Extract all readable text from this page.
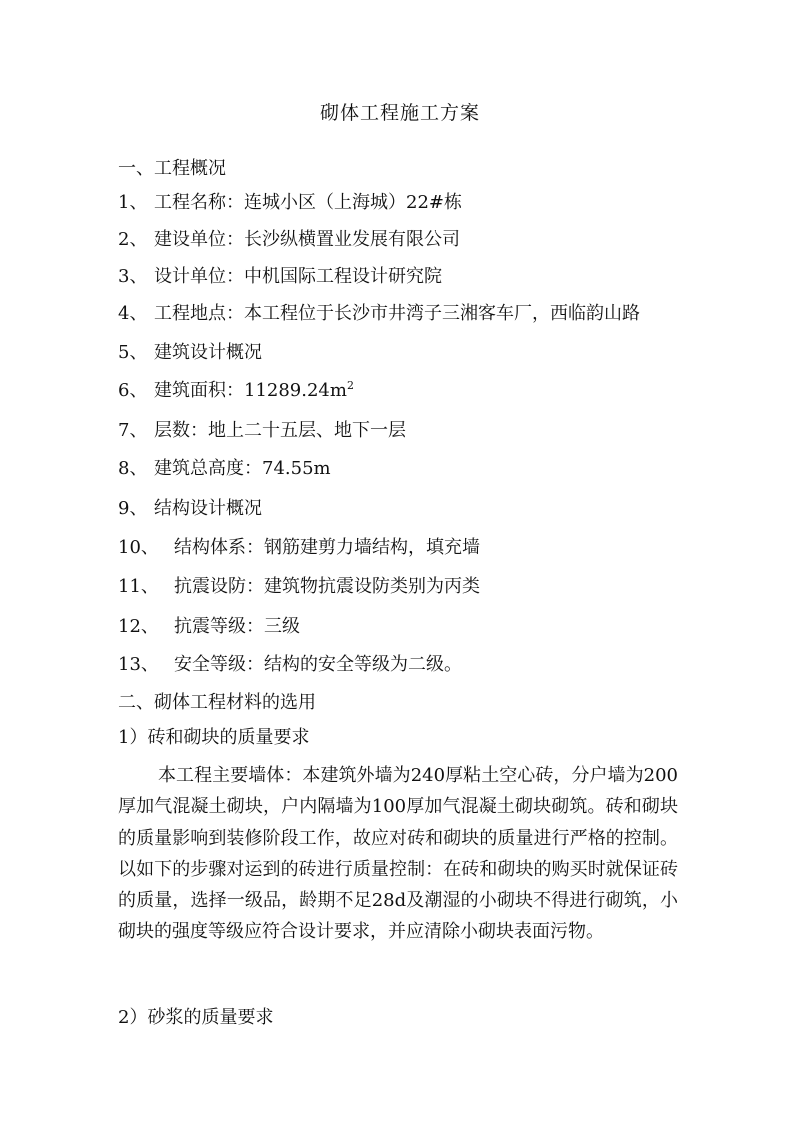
砌体工程施工方案
一、工程概况
1、 工程名称：连城小区（上海城）22#栋
2、 建设单位：长沙纵横置业发展有限公司
3、 设计单位：中机国际工程设计研究院
4、 工程地点：本工程位于长沙市井湾子三湘客车厂，西临韵山路
5、 建筑设计概况
6、 建筑面积：$11289.24m^2$
7、 层数：地上二十五层、地下一层
8、 建筑总高度：74.55m
9、 结构设计概况
10、 结构体系：钢筋建剪力墙结构，填充墙
11、 抗震设防：建筑物抗震设防类别为丙类
12、 抗震等级：三级
13、 安全等级：结构的安全等级为二级。
二、砌体工程材料的选用
1）砖和砌块的质量要求
本工程主要墙体：本建筑外墙为240厚粘土空心砖，分户墙为200厚加气混凝土砌块，户内隔墙为100厚加气混凝土砌块砌筑。砖和砌块的质量影响到装修阶段工作，故应对砖和砌块的质量进行严格的控制。以如下的步骤对运到的砖进行质量控制：在砖和砌块的购买时就保证砖的质量，选择一级品，龄期不足28d及潮湿的小砌块不得进行砌筑，小砌块的强度等级应符合设计要求，并应清除小砌块表面污物。
2）砂浆的质量要求
